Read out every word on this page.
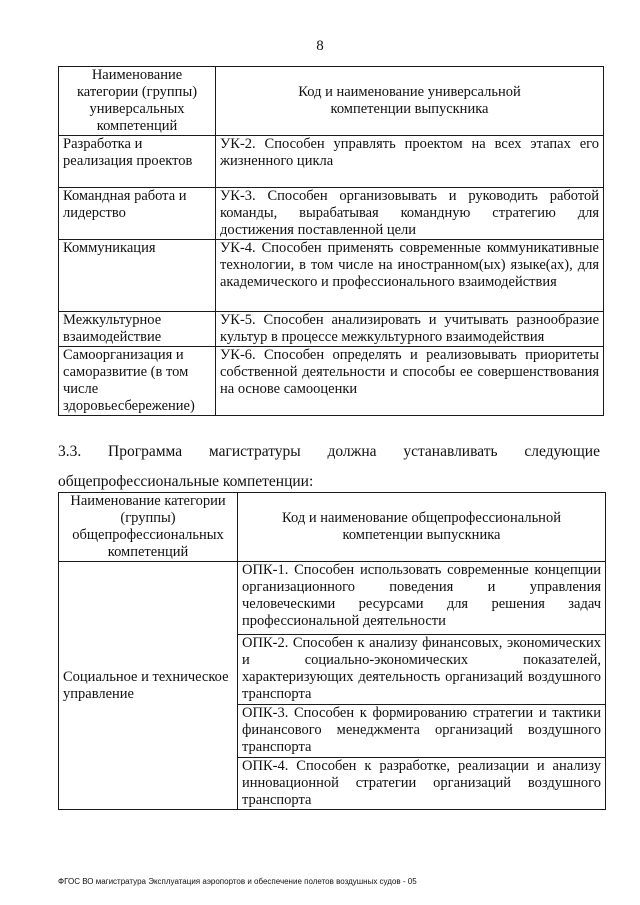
8
Наименование категории (группы) универсальных компетенций	Код и наименование универсальной компетенции выпускника
Разработка и реализация проектов	УК-2. Способен управлять проектом на всех этапах его жизненного цикла
Командная работа и лидерство	УК-3. Способен организовывать и руководить работой команды, вырабатывая командную стратегию для достижения поставленной цели
Коммуникация	УК-4. Способен применять современные коммуникативные технологии, в том числе на иностранном(ых) языке(ах), для академического и профессионального взаимодействия
Межкультурное взаимодействие	УК-5. Способен анализировать и учитывать разнообразие культур в процессе межкультурного взаимодействия
Самоорганизация и саморазвитие (в том числе здоровьесбережение)	УК-6. Способен определять и реализовывать приоритеты собственной деятельности и способы ее совершенствования на основе самооценки
3.3. Программа магистратуры должна устанавливать следующие
общепрофессиональные компетенции:
Наименование категории (группы) общепрофессиональных компетенций	Код и наименование общепрофессиональной компетенции выпускника
Социальное и техническое управление	ОПК-1. Способен использовать современные концепции организационного поведения и управления человеческими ресурсами для решения задач профессиональной деятельности
	ОПК-2. Способен к анализу финансовых, экономических и социально-экономических показателей, характеризующих деятельность организаций воздушного транспорта
	ОПК-3. Способен к формированию стратегии и тактики финансового менеджмента организаций воздушного транспорта
	ОПК-4. Способен к разработке, реализации и анализу инновационной стратегии организаций воздушного транспорта
ФГОС ВО магистратура Эксплуатация аэропортов и обеспечение полетов воздушных судов - 05
